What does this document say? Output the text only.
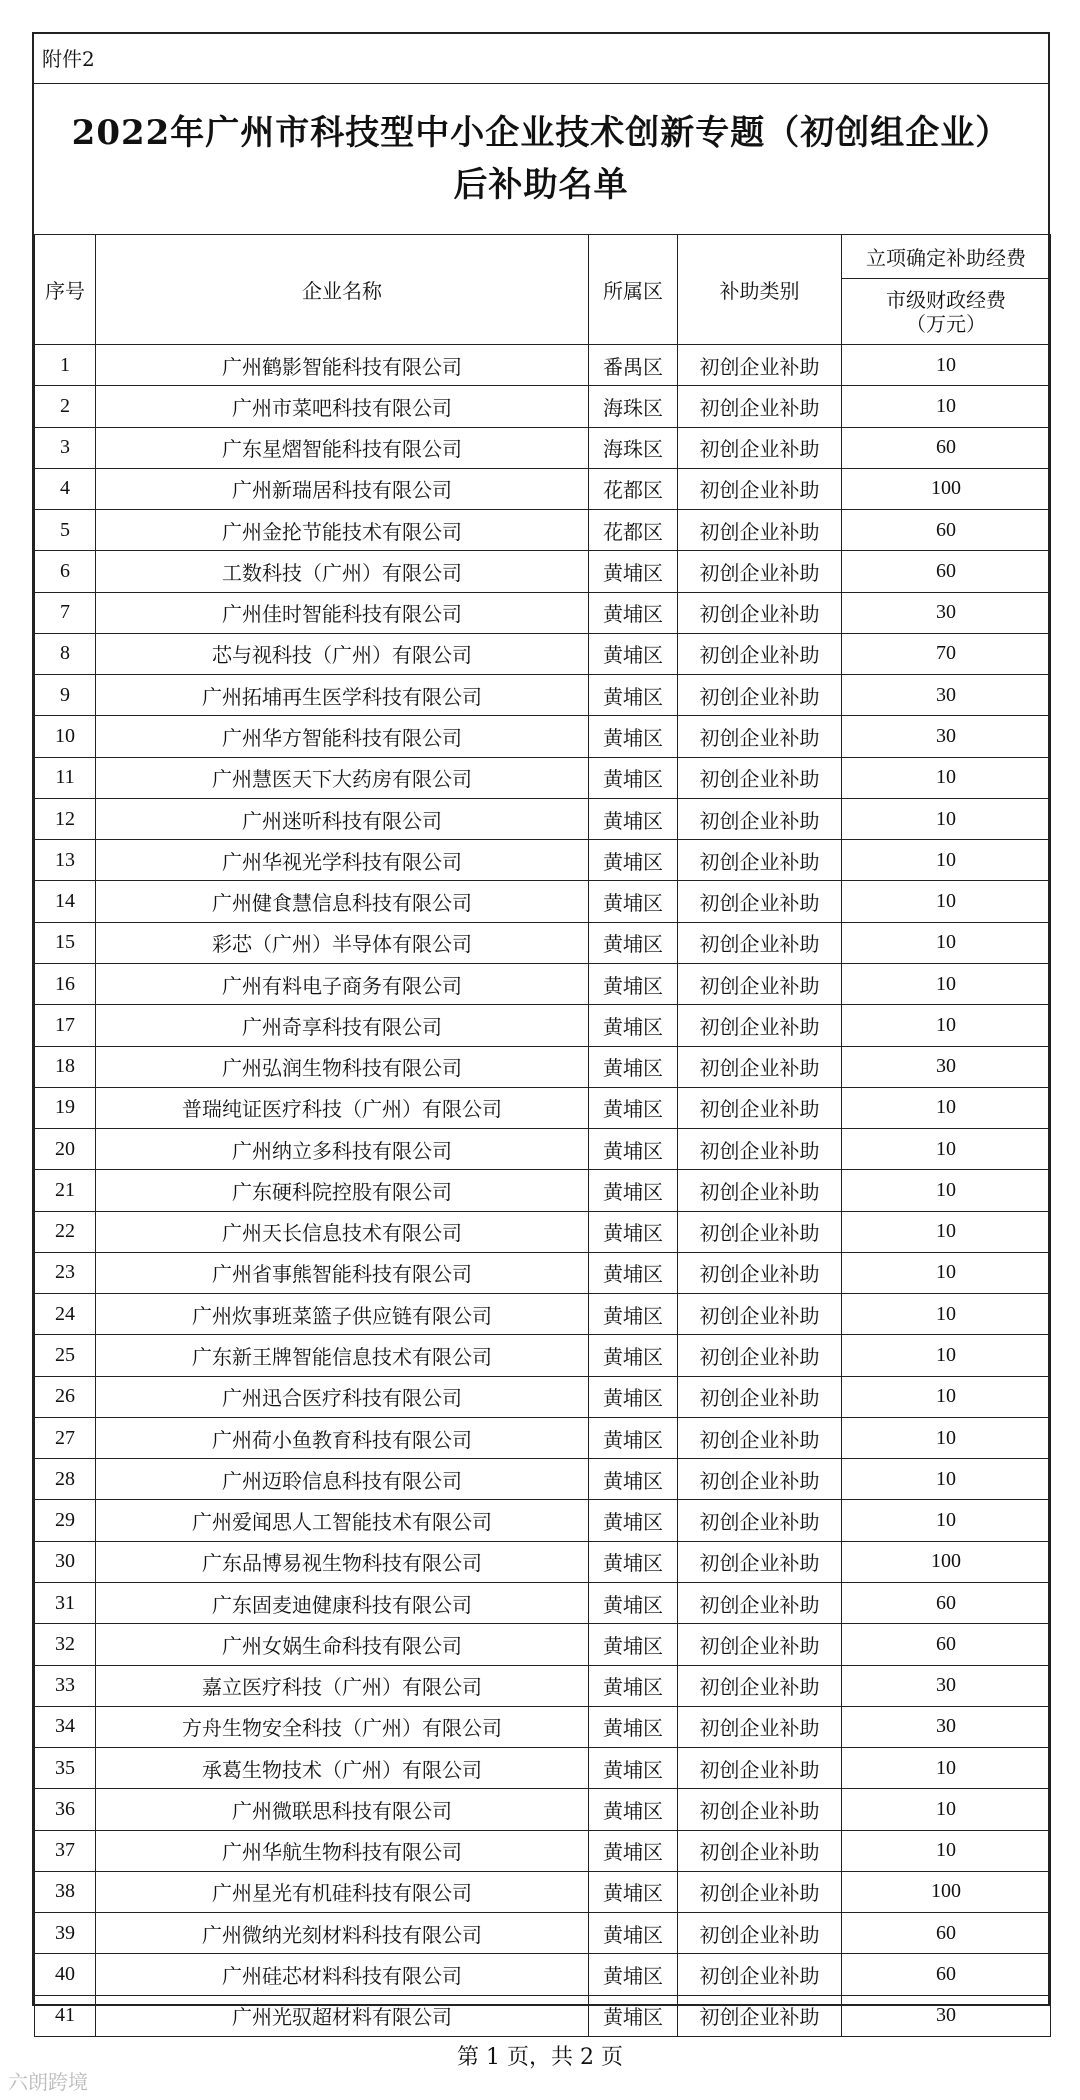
附件2
2022年广州市科技型中小企业技术创新专题（初创组企业）
后补助名单
序号	企业名称	所属区	补助类别	立项确定补助经费

				市级财政经费
（万元）

1	广州鹤影智能科技有限公司	番禺区	初创企业补助	10
2	广州市菜吧科技有限公司	海珠区	初创企业补助	10
3	广东星熠智能科技有限公司	海珠区	初创企业补助	60
4	广州新瑞居科技有限公司	花都区	初创企业补助	100
5	广州金抡节能技术有限公司	花都区	初创企业补助	60
6	工数科技（广州）有限公司	黄埔区	初创企业补助	60
7	广州佳时智能科技有限公司	黄埔区	初创企业补助	30
8	芯与视科技（广州）有限公司	黄埔区	初创企业补助	70
9	广州拓埔再生医学科技有限公司	黄埔区	初创企业补助	30
10	广州华方智能科技有限公司	黄埔区	初创企业补助	30
11	广州慧医天下大药房有限公司	黄埔区	初创企业补助	10
12	广州迷听科技有限公司	黄埔区	初创企业补助	10
13	广州华视光学科技有限公司	黄埔区	初创企业补助	10
14	广州健食慧信息科技有限公司	黄埔区	初创企业补助	10
15	彩芯（广州）半导体有限公司	黄埔区	初创企业补助	10
16	广州有料电子商务有限公司	黄埔区	初创企业补助	10
17	广州奇享科技有限公司	黄埔区	初创企业补助	10
18	广州弘润生物科技有限公司	黄埔区	初创企业补助	30
19	普瑞纯证医疗科技（广州）有限公司	黄埔区	初创企业补助	10
20	广州纳立多科技有限公司	黄埔区	初创企业补助	10
21	广东硬科院控股有限公司	黄埔区	初创企业补助	10
22	广州天长信息技术有限公司	黄埔区	初创企业补助	10
23	广州省事熊智能科技有限公司	黄埔区	初创企业补助	10
24	广州炊事班菜篮子供应链有限公司	黄埔区	初创企业补助	10
25	广东新王牌智能信息技术有限公司	黄埔区	初创企业补助	10
26	广州迅合医疗科技有限公司	黄埔区	初创企业补助	10
27	广州荷小鱼教育科技有限公司	黄埔区	初创企业补助	10
28	广州迈聆信息科技有限公司	黄埔区	初创企业补助	10
29	广州爱闻思人工智能技术有限公司	黄埔区	初创企业补助	10
30	广东品博易视生物科技有限公司	黄埔区	初创企业补助	100
31	广东固麦迪健康科技有限公司	黄埔区	初创企业补助	60
32	广州女娲生命科技有限公司	黄埔区	初创企业补助	60
33	嘉立医疗科技（广州）有限公司	黄埔区	初创企业补助	30
34	方舟生物安全科技（广州）有限公司	黄埔区	初创企业补助	30
35	承葛生物技术（广州）有限公司	黄埔区	初创企业补助	10
36	广州微联思科技有限公司	黄埔区	初创企业补助	10
37	广州华航生物科技有限公司	黄埔区	初创企业补助	10
38	广州星光有机硅科技有限公司	黄埔区	初创企业补助	100
39	广州微纳光刻材料科技有限公司	黄埔区	初创企业补助	60
40	广州硅芯材料科技有限公司	黄埔区	初创企业补助	60
41	广州光驭超材料有限公司	黄埔区	初创企业补助	30
第 1 页，共 2 页
六朗跨境
